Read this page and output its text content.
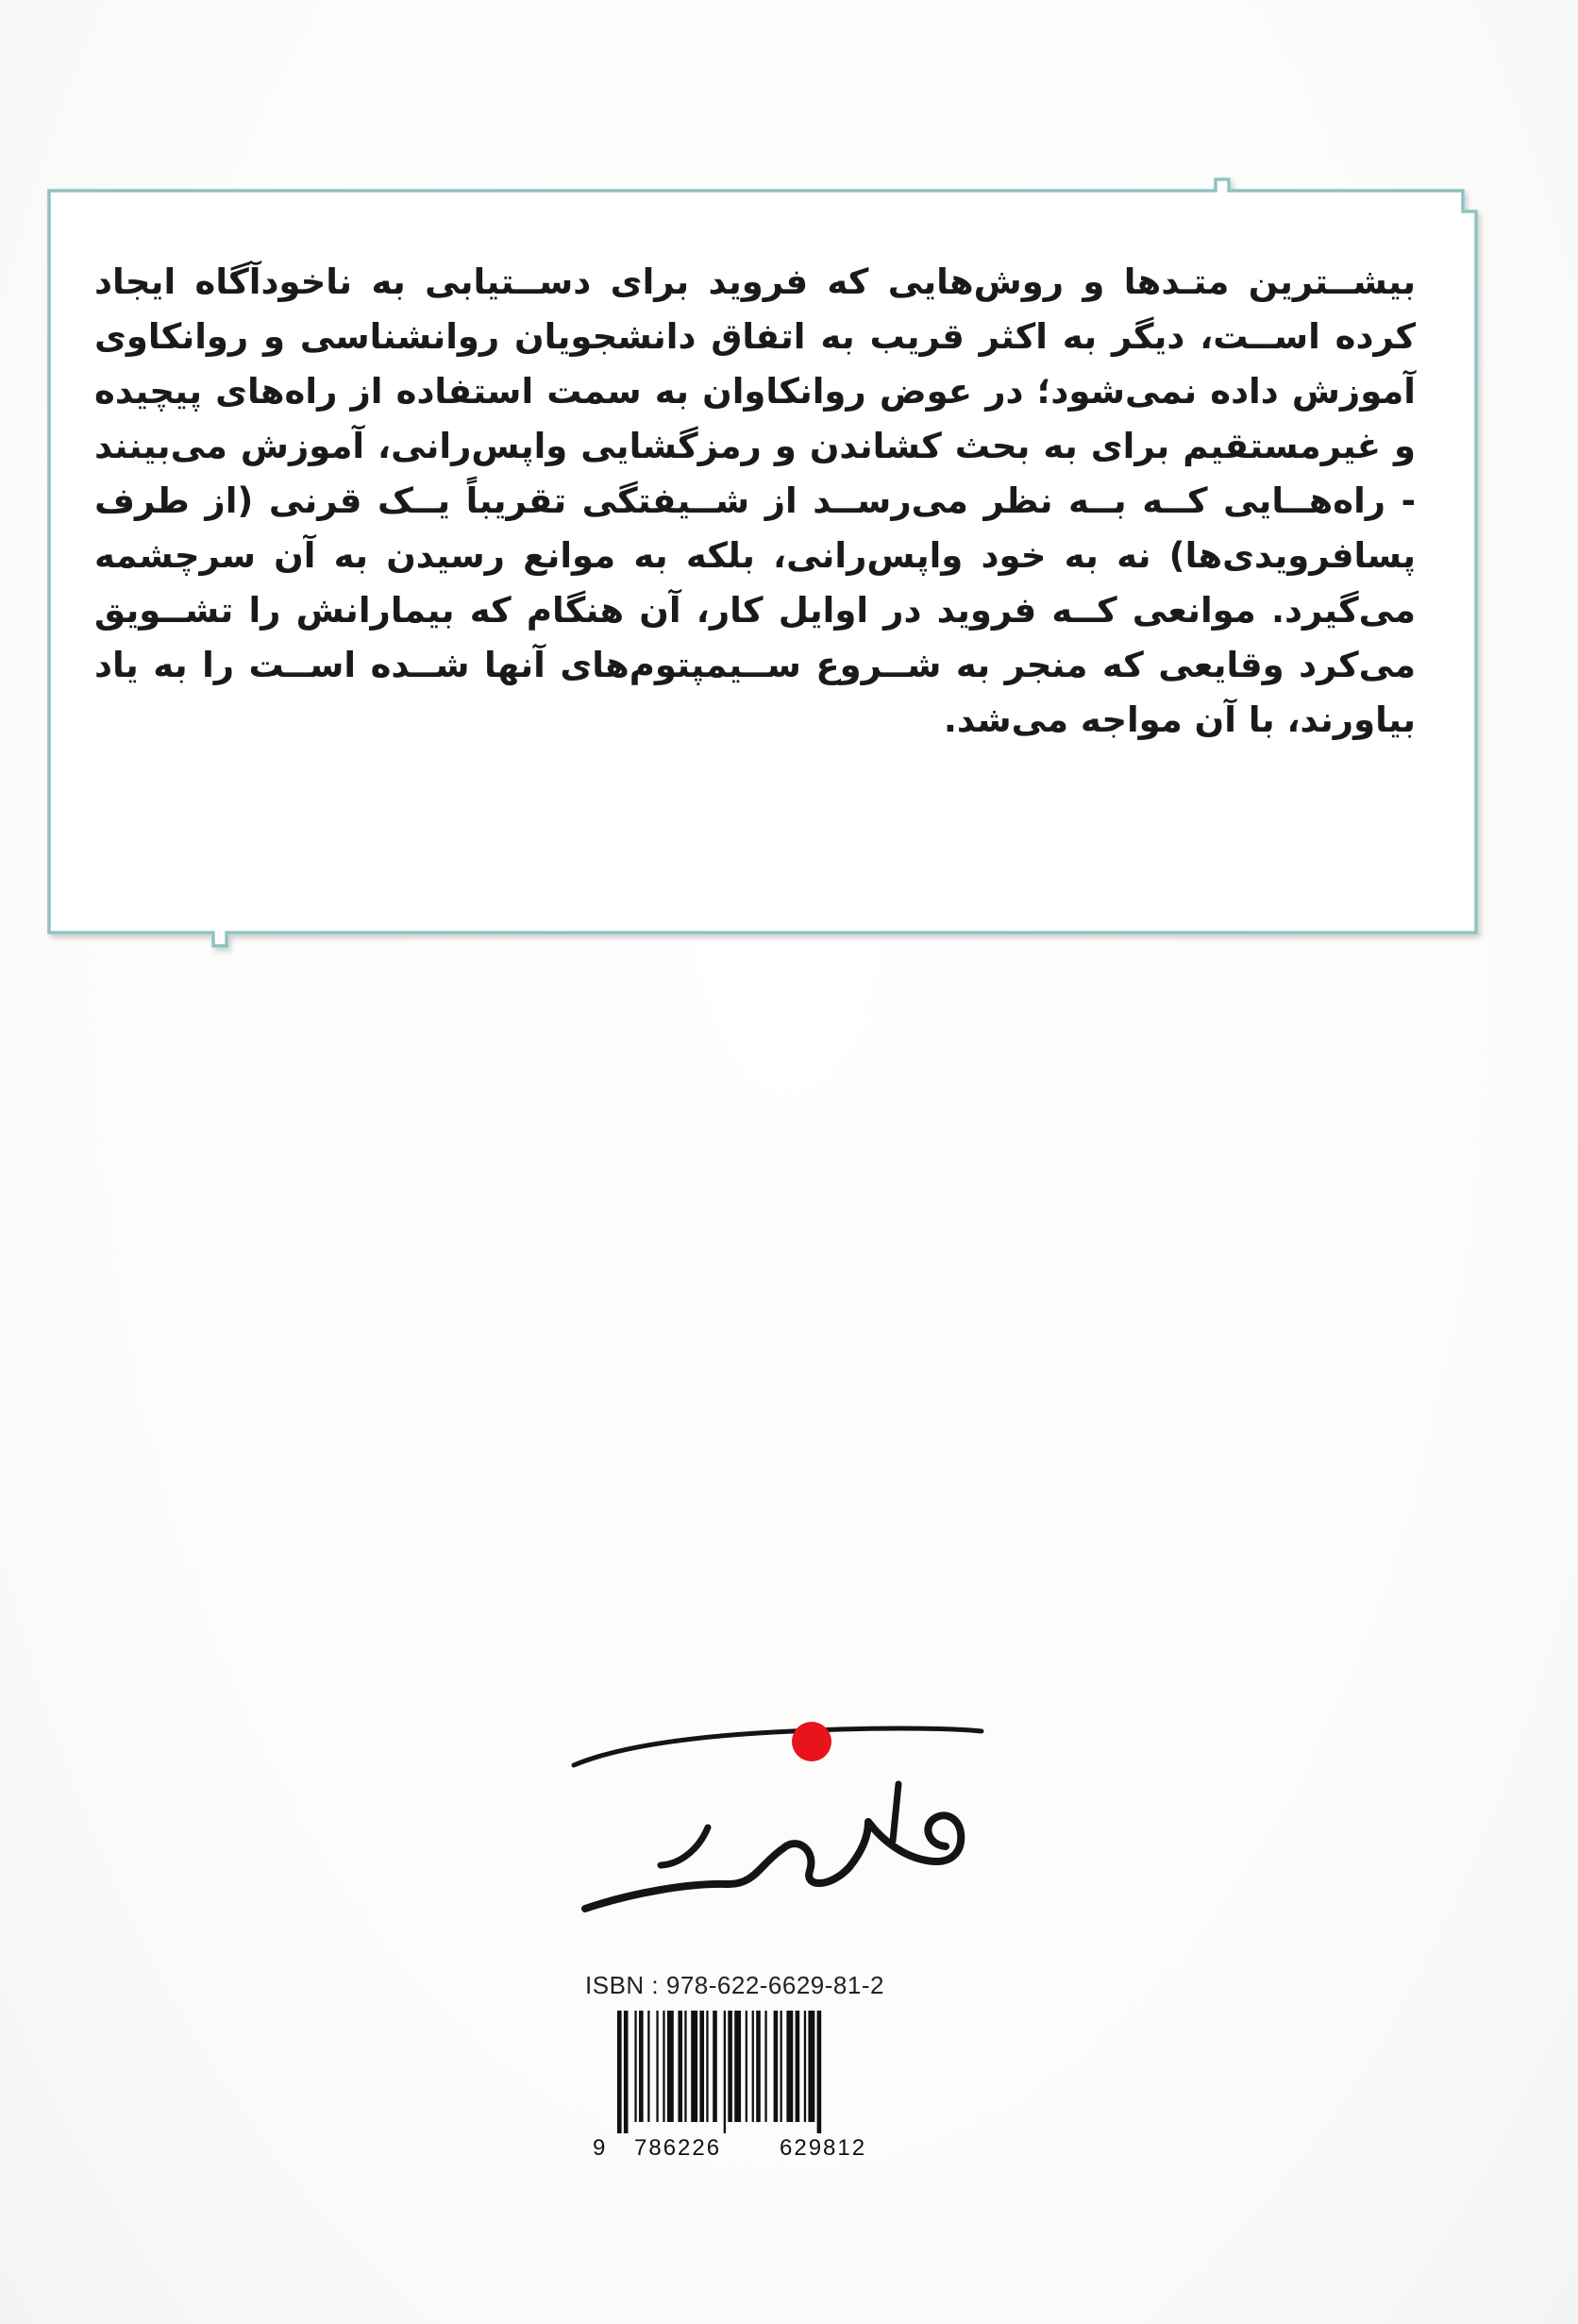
بیشــترین متـدها و روش‌هایی که فروید برای دســتیابی به ناخودآگاه ایجاد کرده اســت، دیگر به اکثر قریب به اتفاق دانشجویان روانشناسی و روانکاوی آموزش داده نمی‌شود؛ در عوض روانکاوان به سمت استفاده از راه‌های پیچیده و غیرمستقیم برای به بحث کشاندن و رمزگشایی واپس‌رانی، آموزش می‌بینند - راه‌هــایی کــه بــه نظر می‌رســد از شــیفتگی تقریباً یــک قرنی (از طرف پسافرویدی‌ها) نه به خود واپس‌رانی، بلکه به موانع رسیدن به آن سرچشمه می‌گیرد. موانعی کــه فروید در اوایل کار، آن هنگام که بیمارانش را تشــویق می‌کرد وقایعی که منجر به شــروع ســیمپتوم‌های آنها شــده اســت را به یاد بیاورند، با آن مواجه می‌شد.

ISBN : 978-622-6629-81-2
9 786226	629812
